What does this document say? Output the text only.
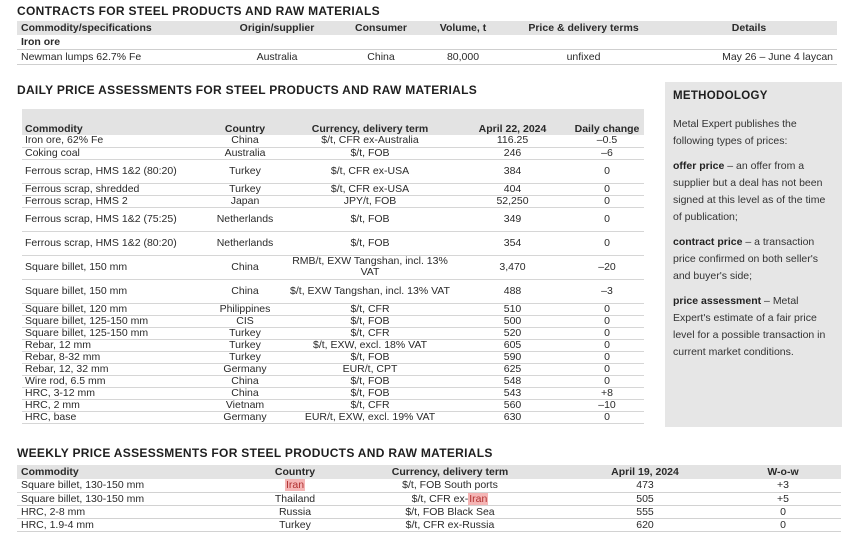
CONTRACTS FOR STEEL PRODUCTS AND RAW MATERIALS
Commodity/specifications	Origin/supplier	Consumer	Volume, t	Price & delivery terms	Details
Iron ore					
Newman lumps 62.7% Fe	Australia	China	80,000	unfixed	May 26 – June 4 laycan
DAILY PRICE ASSESSMENTS FOR STEEL PRODUCTS AND RAW MATERIALS
Commodity	Country	Currency, delivery term	April 22, 2024	Daily change
Iron ore, 62% Fe	China	$/t, CFR ex-Australia	116.25	–0.5
Coking coal	Australia	$/t, FOB	246	–6
Ferrous scrap, HMS 1&2 (80:20)	Turkey	$/t, CFR ex-USA	384	0
Ferrous scrap, shredded	Turkey	$/t, CFR ex-USA	404	0
Ferrous scrap, HMS 2	Japan	JPY/t, FOB	52,250	0
Ferrous scrap, HMS 1&2 (75:25)	Netherlands	$/t, FOB	349	0
Ferrous scrap, HMS 1&2 (80:20)	Netherlands	$/t, FOB	354	0
Square billet, 150 mm	China	RMB/t, EXW Tangshan, incl. 13% VAT	3,470	–20
Square billet, 150 mm	China	$/t, EXW Tangshan, incl. 13% VAT	488	–3
Square billet, 120 mm	Philippines	$/t, CFR	510	0
Square billet, 125-150 mm	CIS	$/t, FOB	500	0
Square billet, 125-150 mm	Turkey	$/t, CFR	520	0
Rebar, 12 mm	Turkey	$/t, EXW, excl. 18% VAT	605	0
Rebar, 8-32 mm	Turkey	$/t, FOB	590	0
Rebar, 12, 32 mm	Germany	EUR/t, CPT	625	0
Wire rod, 6.5 mm	China	$/t, FOB	548	0
HRC, 3-12 mm	China	$/t, FOB	543	+8
HRC, 2 mm	Vietnam	$/t, CFR	560	–10
HRC, base	Germany	EUR/t, EXW, excl. 19% VAT	630	0
METHODOLOGY

Metal Expert publishes the following types of prices:

offer price – an offer from a supplier but a deal has not been signed at this level as of the time of publication;

contract price – a transaction price confirmed on both seller's and buyer's side;

price assessment – Metal Expert's estimate of a fair price level for a possible transaction in current market conditions.

WEEKLY PRICE ASSESSMENTS FOR STEEL PRODUCTS AND RAW MATERIALS
Commodity	Country	Currency, delivery term	April 19, 2024	W-o-w
Square billet, 130-150 mm	Iran	$/t, FOB South ports	473	+3
Square billet, 130-150 mm	Thailand	$/t, CFR ex-Iran	505	+5
HRC, 2-8 mm	Russia	$/t, FOB Black Sea	555	0
HRC, 1.9-4 mm	Turkey	$/t, CFR ex-Russia	620	0
